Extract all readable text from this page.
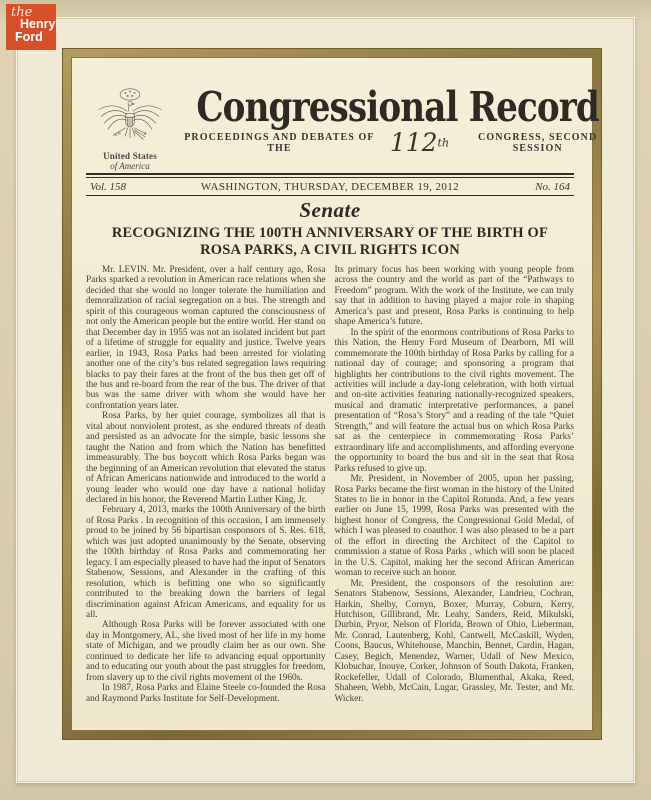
United States
of America
Congressional Record
PROCEEDINGS AND DEBATES OF THE	112th	CONGRESS, SECOND SESSION
Vol. 158	WASHINGTON, THURSDAY, DECEMBER 19, 2012	No. 164
Senate
RECOGNIZING THE 100TH ANNIVERSARY OF THE BIRTH OF ROSA PARKS, A CIVIL RIGHTS ICON

Mr. LEVIN. Mr. President, over a half century ago, Rosa Parks sparked a revolution in American race relations when she decided that she would no longer tolerate the humiliation and demoralization of racial segregation on a bus. The strength and spirit of this courageous woman captured the consciousness of not only the American people but the entire world. Her stand on that December day in 1955 was not an isolated incident but part of a lifetime of struggle for equality and justice. Twelve years earlier, in 1943, Rosa Parks had been arrested for violating another one of the city’s bus related segregation laws requiring blacks to pay their fares at the front of the bus then get off of the bus and re-board from the rear of the bus. The driver of that bus was the same driver with whom she would have her confrontation years later.

Rosa Parks, by her quiet courage, symbolizes all that is vital about nonviolent protest, as she endured threats of death and persisted as an advocate for the simple, basic lessons she taught the Nation and from which the Nation has benefitted immeasurably. The bus boycott which Rosa Parks began was the beginning of an American revolution that elevated the status of African Americans nationwide and introduced to the world a young leader who would one day have a national holiday declared in his honor, the Reverend Martin Luther King, Jr.

February 4, 2013, marks the 100th Anniversary of the birth of Rosa Parks . In recognition of this occasion, I am immensely proud to be joined by 56 bipartisan cosponsors of S. Res. 618, which was just adopted unanimously by the Senate, observing the 100th birthday of Rosa Parks and commemorating her legacy. I am especially pleased to have had the input of Senators Stabenow, Sessions, and Alexander in the crafting of this resolution, which is befitting one who so significantly contributed to the breaking down the barriers of legal discrimination against African Americans, and equality for us all.

Although Rosa Parks will be forever associated with one day in Montgomery, AL, she lived most of her life in my home state of Michigan, and we proudly claim her as our own. She continued to dedicate her life to advancing equal opportunity and to educating our youth about the past struggles for freedom, from slavery up to the civil rights movement of the 1960s.

In 1987, Rosa Parks and Elaine Steele co-founded the Rosa and Raymond Parks Institute for Self-Development.

Its primary focus has been working with young people from across the country and the world as part of the “Pathways to Freedom” program. With the work of the Institute, we can truly say that in addition to having played a major role in shaping America’s past and present, Rosa Parks is continuing to help shape America’s future.

In the spirit of the enormous contributions of Rosa Parks to this Nation, the Henry Ford Museum of Dearborn, MI will commemorate the 100th birthday of Rosa Parks by calling for a national day of courage; and sponsoring a program that highlights her contributions to the civil rights movement. The activities will include a day-long celebration, with both virtual and on-site activities featuring nationally-recognized speakers, musical and dramatic interpretative performances, a panel presentation of “Rosa’s Story” and a reading of the tale “Quiet Strength,” and will feature the actual bus on which Rosa Parks sat as the centerpiece in commemorating Rosa Parks’ extraordinary life and accomplishments, and affording everyone the opportunity to board the bus and sit in the seat that Rosa Parks refused to give up.

Mr. President, in November of 2005, upon her passing, Rosa Parks became the first woman in the history of the United States to lie in honor in the Capitol Rotunda. And, a few years earlier on June 15, 1999, Rosa Parks was presented with the highest honor of Congress, the Congressional Gold Medal, of which I was pleased to coauthor. I was also pleased to be a part of the effort in directing the Architect of the Capitol to commission a statue of Rosa Parks , which will soon be placed in the U.S. Capitol, making her the second African American woman to receive such an honor.

Mr. President, the cosponsors of the resolution are: Senators Stabenow, Sessions, Alexander, Landrieu, Cochran, Harkin, Shelby, Cornyn, Boxer, Murray, Coburn, Kerry, Hutchison, Gillibrand, Mr. Leahy, Sanders, Reid, Mikulski, Durbin, Pryor, Nelson of Florida, Brown of Ohio, Lieberman, Mr. Conrad, Lautenberg, Kohl, Cantwell, McCaskill, Wyden, Coons, Baucus, Whitehouse, Manchin, Bennet, Cardin, Hagan, Casey, Begich, Menendez, Warner, Udall of New Mexico, Klobuchar, Inouye, Corker, Johnson of South Dakota, Franken, Rockefeller, Udall of Colorado, Blumenthal, Akaka, Reed, Shaheen, Webb, McCain, Lugar, Grassley, Mr. Tester, and Mr. Wicker.

the
Henry
Ford
